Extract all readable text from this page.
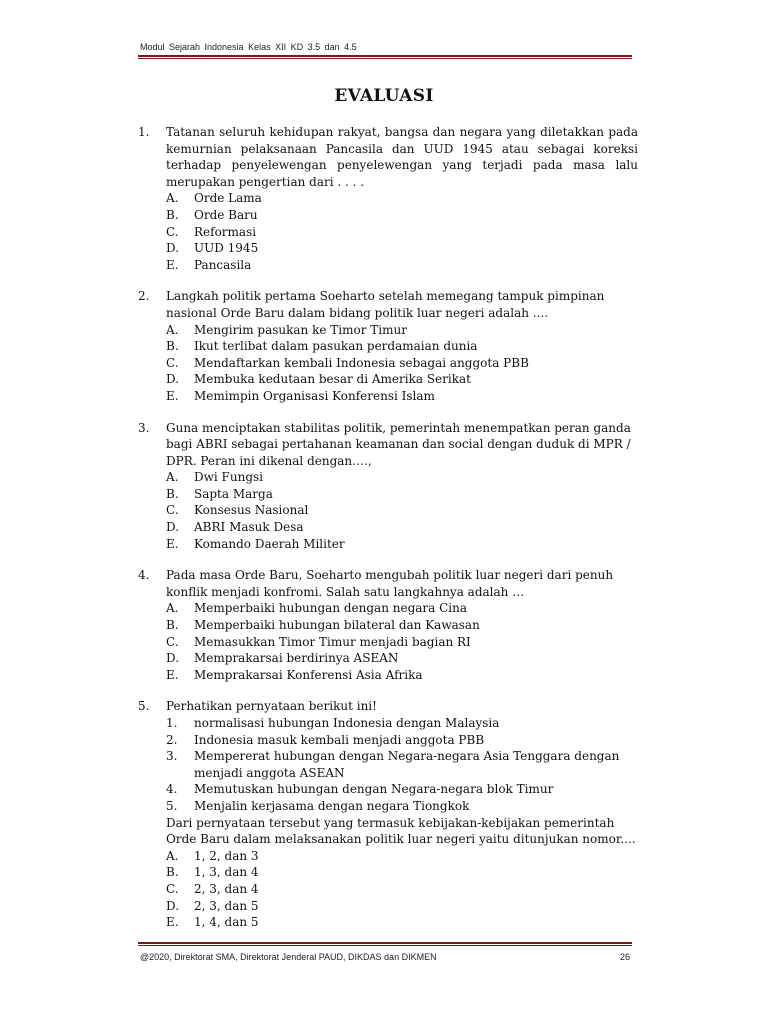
Modul Sejarah Indonesia Kelas XII KD 3.5 dan 4.5
EVALUASI
1. Tatanan seluruh kehidupan rakyat, bangsa dan negara yang diletakkan pada kemurnian pelaksanaan Pancasila dan UUD 1945 atau sebagai koreksi terhadap penyelewengan penyelewengan yang terjadi pada masa lalu merupakan pengertian dari . . . .
A. Orde Lama
B. Orde Baru
C. Reformasi
D. UUD 1945
E. Pancasila
2. Langkah politik pertama Soeharto setelah memegang tampuk pimpinan nasional Orde Baru dalam bidang politik luar negeri adalah ....
A. Mengirim pasukan ke Timor Timur
B. Ikut terlibat dalam pasukan perdamaian dunia
C. Mendaftarkan kembali Indonesia sebagai anggota PBB
D. Membuka kedutaan besar di Amerika Serikat
E. Memimpin Organisasi Konferensi Islam
3. Guna menciptakan stabilitas politik, pemerintah menempatkan peran ganda bagi ABRI sebagai pertahanan keamanan dan social dengan duduk di MPR / DPR. Peran ini dikenal dengan….,
A. Dwi Fungsi
B. Sapta Marga
C. Konsesus Nasional
D. ABRI Masuk Desa
E. Komando Daerah Militer
4. Pada masa Orde Baru, Soeharto mengubah politik luar negeri dari penuh konflik menjadi konfromi. Salah satu langkahnya adalah …
A. Memperbaiki hubungan dengan negara Cina
B. Memperbaiki hubungan bilateral dan Kawasan
C. Memasukkan Timor Timur menjadi bagian RI
D. Memprakarsai berdirinya ASEAN
E. Memprakarsai Konferensi Asia Afrika
5. Perhatikan pernyataan berikut ini!
1. normalisasi hubungan Indonesia dengan Malaysia
2. Indonesia masuk kembali menjadi anggota PBB
3. Mempererat hubungan dengan Negara-negara Asia Tenggara dengan menjadi anggota ASEAN
4. Memutuskan hubungan dengan Negara-negara blok Timur
5. Menjalin kerjasama dengan negara Tiongkok
Dari pernyataan tersebut yang termasuk kebijakan-kebijakan pemerintah Orde Baru dalam melaksanakan politik luar negeri yaitu ditunjukan nomor....
A. 1, 2, dan 3
B. 1, 3, dan 4
C. 2, 3, dan 4
D. 2, 3, dan 5
E. 1, 4, dan 5
@2020, Direktorat SMA, Direktorat Jenderal PAUD, DIKDAS dan DIKMEN	26
